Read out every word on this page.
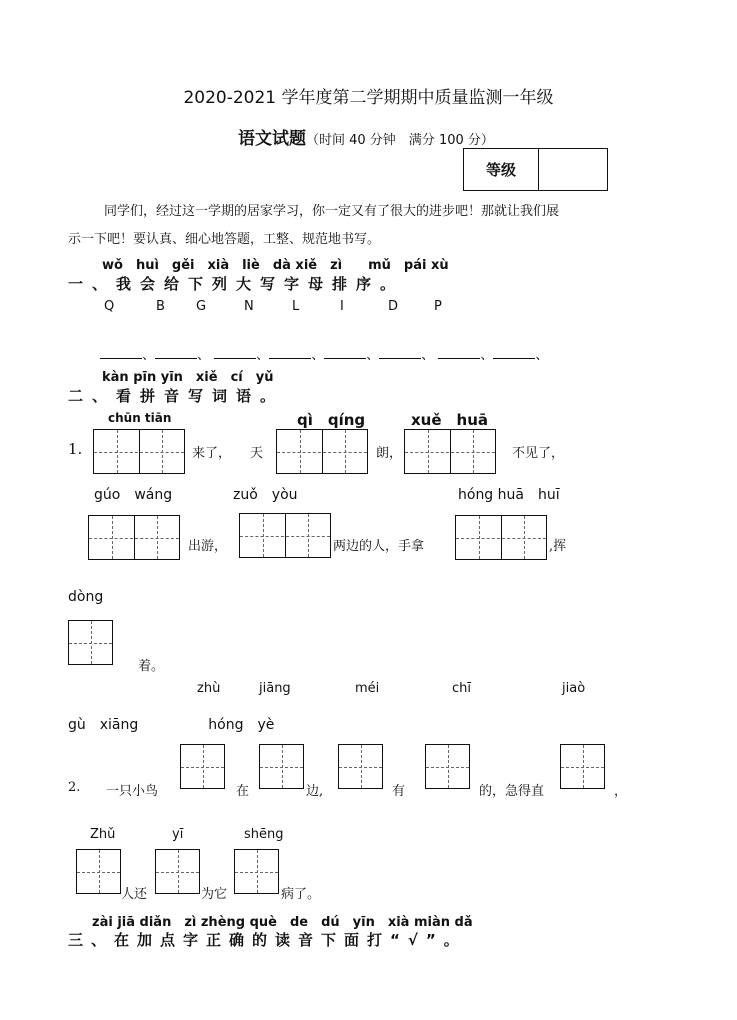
2020-2021 学年度第二学期期中质量监测一年级
语文试题（时间 40 分钟　满分 100 分）
等级
同学们，经过这一学期的居家学习，你一定又有了很大的进步吧！那就让我们展
示一下吧！要认真、细心地答题，工整、规范地书写。
wǒ　huì　gěi　xià　liè　dà xiě　zì　　mǔ　pái xù
一、我会给下列大写字母排序。
Q	B G	N	L	I	D	P
、	、	、	、	、	、	、	、
kàn pīn yīn　xiě　cí　yǔ
二、看拼音写词语。
chūn tiān	qì　qíng	xuě　huā
1.	来了， 天	朗，	不见了，
gúo　wáng	zuǒ　yòu	hóng huā　huī
出游，	两边的人，手拿	,挥
dòng
着。
zhù	jiāng	méi	chī	jiaò
gù　xiāng　　　　　hóng　yè
2. 一只小鸟	在	边,	有	的，急得直	，
Zhǔ	yī	shēng
人还	为它	病了。
zài jiā diǎn　zì zhèng què　de　dú　yīn　xià miàn dǎ
三、在加点字正确的读音下面打“√”。
